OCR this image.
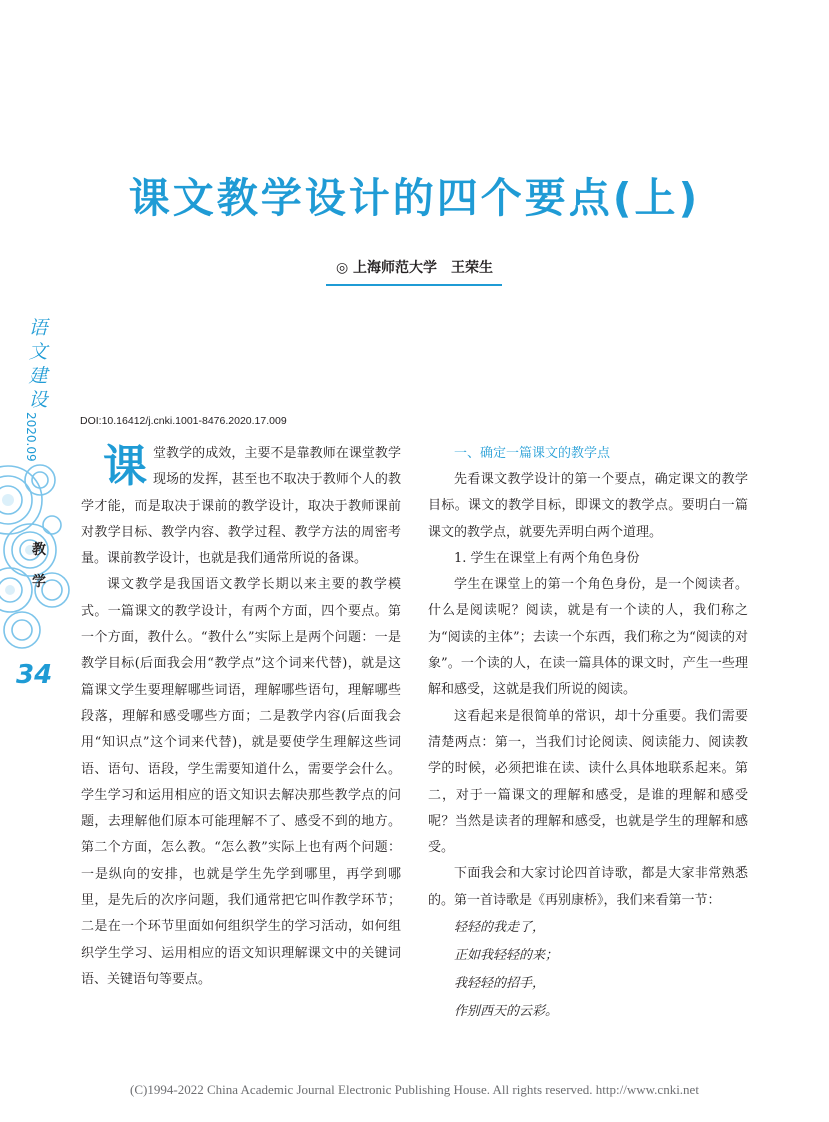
课文教学设计的四个要点(上)
◎ 上海师范大学　王荣生
语
文
建
设
2020.09
教
学
34
DOI:10.16412/j.cnki.1001-8476.2020.17.009

课堂教学的成效，主要不是靠教师在课堂教学现场的发挥，甚至也不取决于教师个人的教学才能，而是取决于课前的教学设计，取决于教师课前对教学目标、教学内容、教学过程、教学方法的周密考量。课前教学设计，也就是我们通常所说的备课。

课文教学是我国语文教学长期以来主要的教学模式。一篇课文的教学设计，有两个方面，四个要点。第一个方面，教什么。“教什么”实际上是两个问题：一是教学目标(后面我会用“教学点”这个词来代替)，就是这篇课文学生要理解哪些词语，理解哪些语句，理解哪些段落，理解和感受哪些方面；二是教学内容(后面我会用“知识点”这个词来代替)，就是要使学生理解这些词语、语句、语段，学生需要知道什么，需要学会什么。学生学习和运用相应的语文知识去解决那些教学点的问题，去理解他们原本可能理解不了、感受不到的地方。第二个方面，怎么教。“怎么教”实际上也有两个问题：一是纵向的安排，也就是学生先学到哪里，再学到哪里，是先后的次序问题，我们通常把它叫作教学环节；二是在一个环节里面如何组织学生的学习活动，如何组织学生学习、运用相应的语文知识理解课文中的关键词语、关键语句等要点。

一、确定一篇课文的教学点

先看课文教学设计的第一个要点，确定课文的教学目标。课文的教学目标，即课文的教学点。要明白一篇课文的教学点，就要先弄明白两个道理。

1. 学生在课堂上有两个角色身份

学生在课堂上的第一个角色身份，是一个阅读者。什么是阅读呢？阅读，就是有一个读的人，我们称之为“阅读的主体”；去读一个东西，我们称之为“阅读的对象”。一个读的人，在读一篇具体的课文时，产生一些理解和感受，这就是我们所说的阅读。

这看起来是很简单的常识，却十分重要。我们需要清楚两点：第一，当我们讨论阅读、阅读能力、阅读教学的时候，必须把谁在读、读什么具体地联系起来。第二，对于一篇课文的理解和感受，是谁的理解和感受呢？当然是读者的理解和感受，也就是学生的理解和感受。

下面我会和大家讨论四首诗歌，都是大家非常熟悉的。第一首诗歌是《再别康桥》，我们来看第一节：

轻轻的我走了，
正如我轻轻的来；
我轻轻的招手，
作别西天的云彩。
(C)1994-2022 China Academic Journal Electronic Publishing House. All rights reserved. http://www.cnki.net
